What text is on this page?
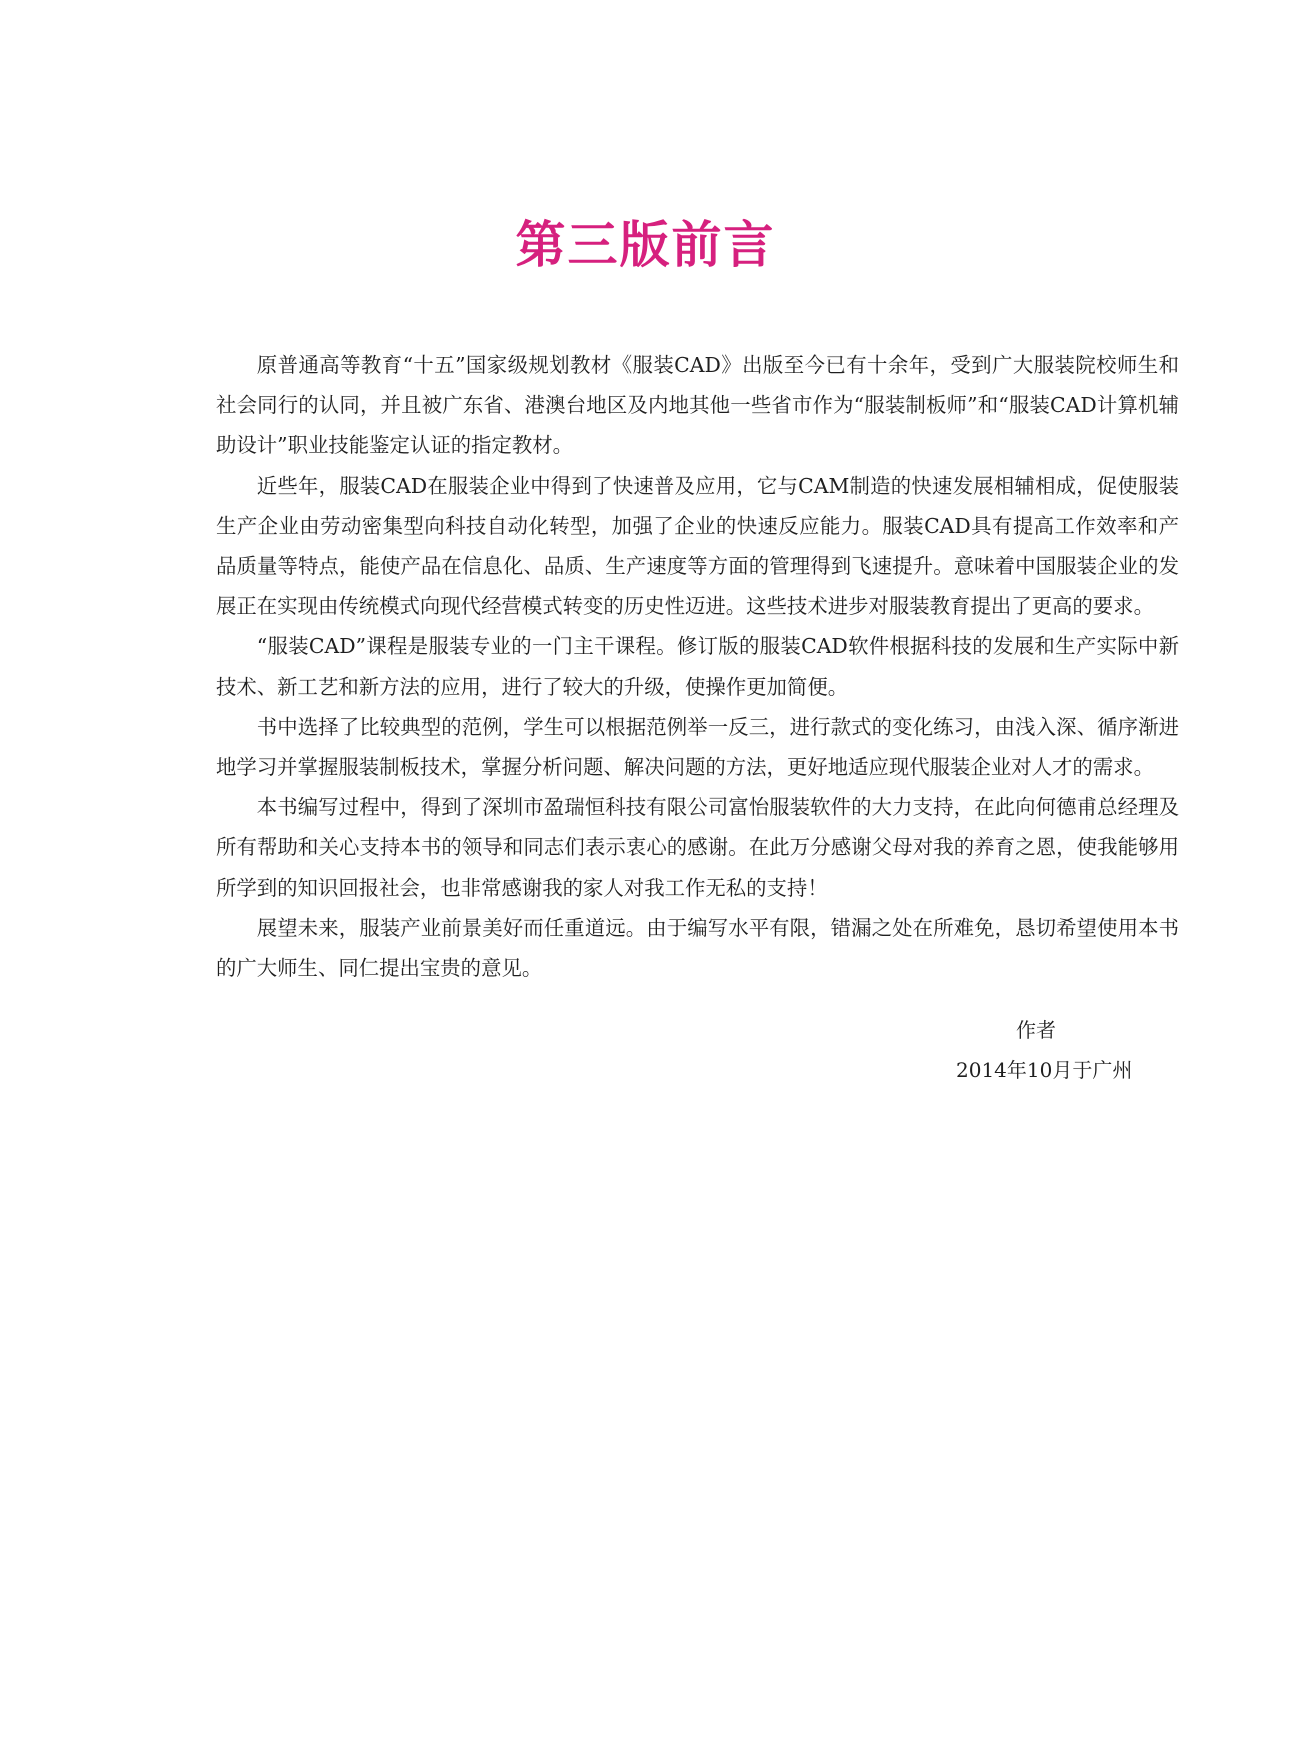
第三版前言

原普通高等教育“十五”国家级规划教材《服装CAD》出版至今已有十余年，受到广大服装院校师生和社会同行的认同，并且被广东省、港澳台地区及内地其他一些省市作为“服装制板师”和“服装CAD计算机辅助设计”职业技能鉴定认证的指定教材。

近些年，服装CAD在服装企业中得到了快速普及应用，它与CAM制造的快速发展相辅相成，促使服装生产企业由劳动密集型向科技自动化转型，加强了企业的快速反应能力。服装CAD具有提高工作效率和产品质量等特点，能使产品在信息化、品质、生产速度等方面的管理得到飞速提升。意味着中国服装企业的发展正在实现由传统模式向现代经营模式转变的历史性迈进。这些技术进步对服装教育提出了更高的要求。

“服装CAD”课程是服装专业的一门主干课程。修订版的服装CAD软件根据科技的发展和生产实际中新技术、新工艺和新方法的应用，进行了较大的升级，使操作更加简便。

书中选择了比较典型的范例，学生可以根据范例举一反三，进行款式的变化练习，由浅入深、循序渐进地学习并掌握服装制板技术，掌握分析问题、解决问题的方法，更好地适应现代服装企业对人才的需求。

本书编写过程中，得到了深圳市盈瑞恒科技有限公司富怡服装软件的大力支持，在此向何德甫总经理及所有帮助和关心支持本书的领导和同志们表示衷心的感谢。在此万分感谢父母对我的养育之恩，使我能够用所学到的知识回报社会，也非常感谢我的家人对我工作无私的支持！

展望未来，服装产业前景美好而任重道远。由于编写水平有限，错漏之处在所难免，恳切希望使用本书的广大师生、同仁提出宝贵的意见。

作者
2014年10月于广州
